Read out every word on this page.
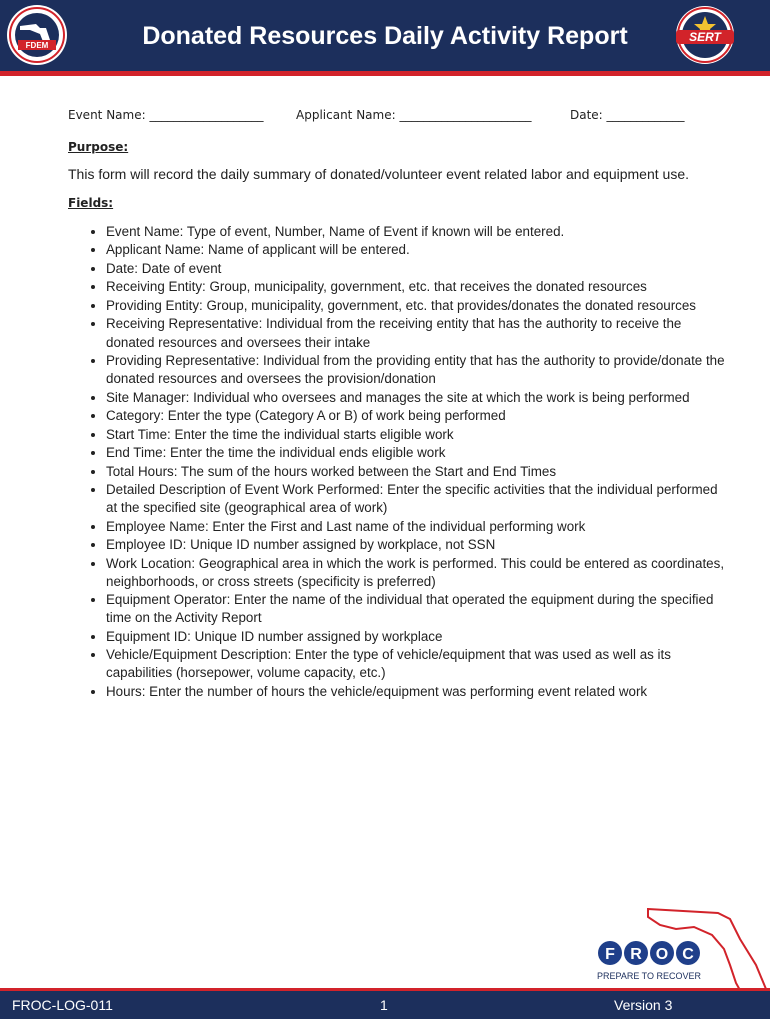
FDEM	Donated Resources Daily Activity Report	SERT
Event Name: ___________________	Applicant Name: ______________________	Date: _____________
Purpose:
This form will record the daily summary of donated/volunteer event related labor and equipment use.
Fields:
• Event Name: Type of event, Number, Name of Event if known will be entered.
• Applicant Name: Name of applicant will be entered.
• Date: Date of event
• Receiving Entity: Group, municipality, government, etc. that receives the donated resources
• Providing Entity: Group, municipality, government, etc. that provides/donates the donated resources
• Receiving Representative: Individual from the receiving entity that has the authority to receive the donated resources and oversees their intake
• Providing Representative: Individual from the providing entity that has the authority to provide/donate the donated resources and oversees the provision/donation
• Site Manager: Individual who oversees and manages the site at which the work is being performed
• Category: Enter the type (Category A or B) of work being performed
• Start Time: Enter the time the individual starts eligible work
• End Time: Enter the time the individual ends eligible work
• Total Hours: The sum of the hours worked between the Start and End Times
• Detailed Description of Event Work Performed: Enter the specific activities that the individual performed at the specified site (geographical area of work)
• Employee Name: Enter the First and Last name of the individual performing work
• Employee ID: Unique ID number assigned by workplace, not SSN
• Work Location: Geographical area in which the work is performed. This could be entered as coordinates, neighborhoods, or cross streets (specificity is preferred)
• Equipment Operator: Enter the name of the individual that operated the equipment during the specified time on the Activity Report
• Equipment ID: Unique ID number assigned by workplace
• Vehicle/Equipment Description: Enter the type of vehicle/equipment that was used as well as its capabilities (horsepower, volume capacity, etc.)
• Hours: Enter the number of hours the vehicle/equipment was performing event related work
F R O C
PREPARE TO RECOVER
FROC-LOG-011	1	Version 3
